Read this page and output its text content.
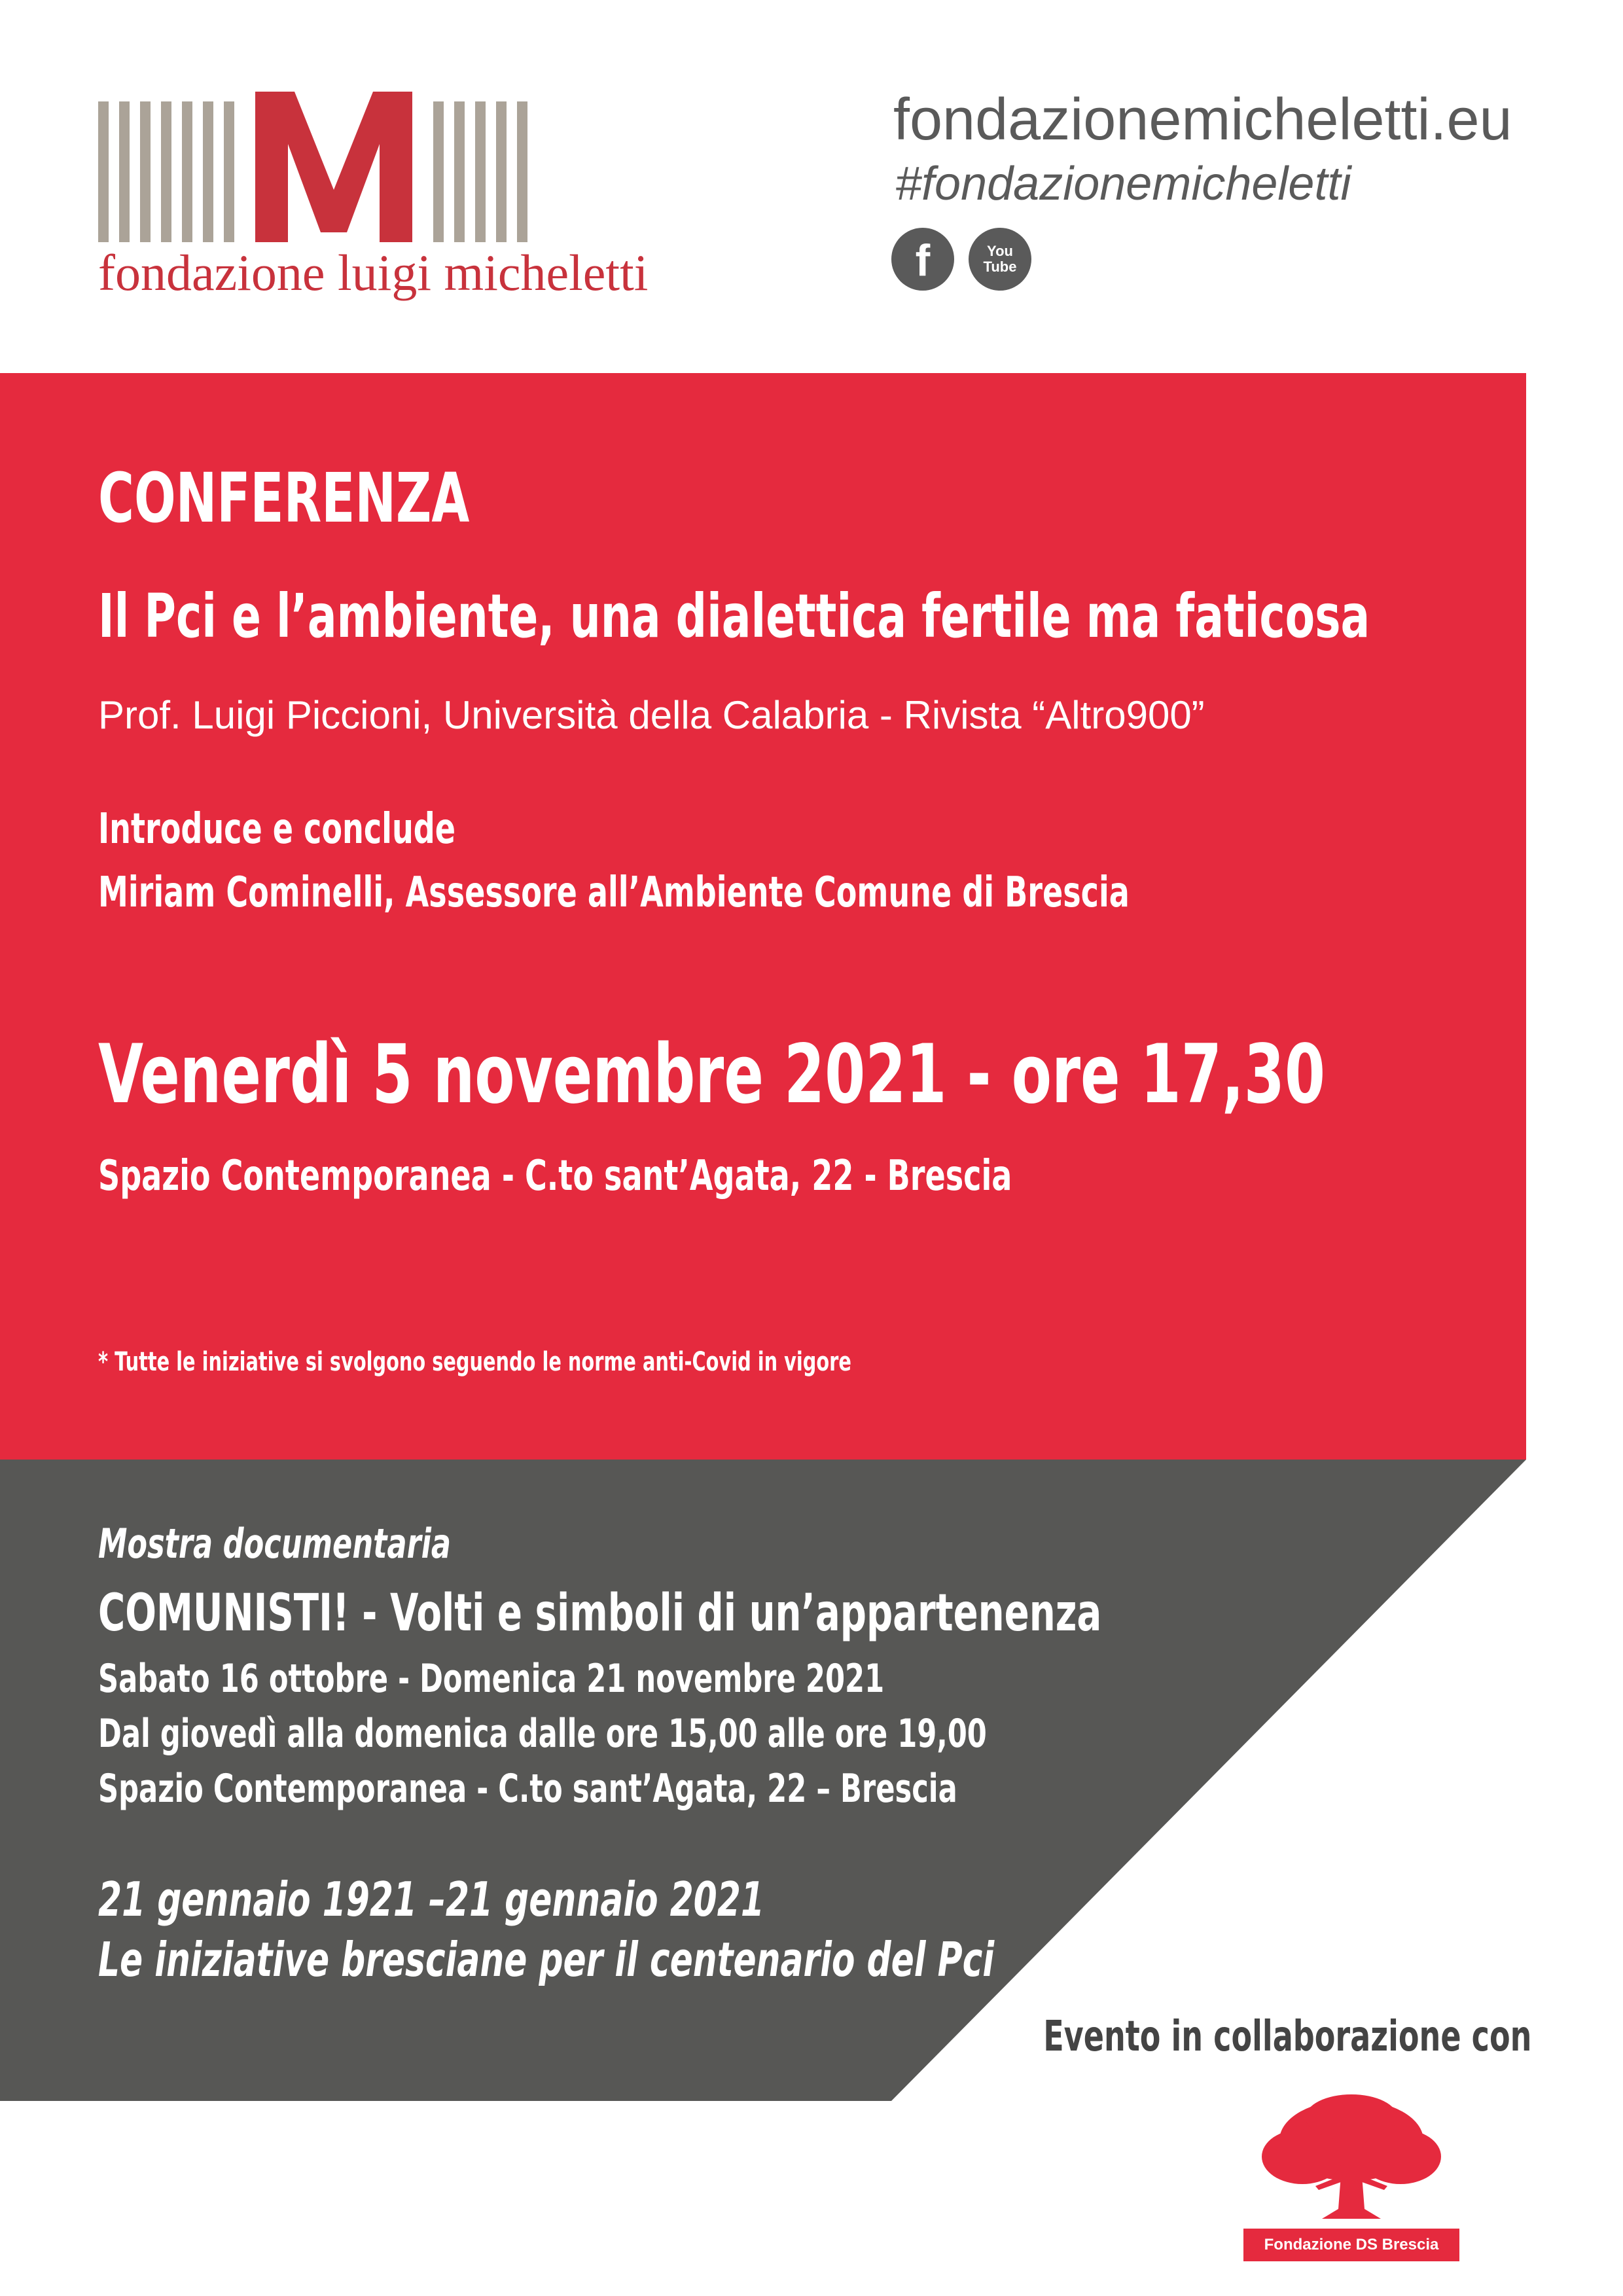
fondazione luigi micheletti
fondazionemicheletti.eu
#fondazionemicheletti
f	You
Tube
CONFERENZA
Il Pci e l’ambiente, una dialettica fertile ma faticosa
Prof. Luigi Piccioni, Università della Calabria - Rivista “Altro900”
Introduce e conclude
Miriam Cominelli, Assessore all’Ambiente Comune di Brescia
Venerdì 5 novembre 2021 - ore 17,30
Spazio Contemporanea - C.to sant’Agata, 22 - Brescia
* Tutte le iniziative si svolgono seguendo le norme anti-Covid in vigore
Mostra documentaria
COMUNISTI! - Volti e simboli di un’appartenenza
Sabato 16 ottobre - Domenica 21 novembre 2021
Dal giovedì alla domenica dalle ore 15,00 alle ore 19,00
Spazio Contemporanea - C.to sant’Agata, 22 – Brescia
21 gennaio 1921 –21 gennaio 2021
Le iniziative bresciane per il centenario del Pci
Evento in collaborazione con
Fondazione DS Brescia
